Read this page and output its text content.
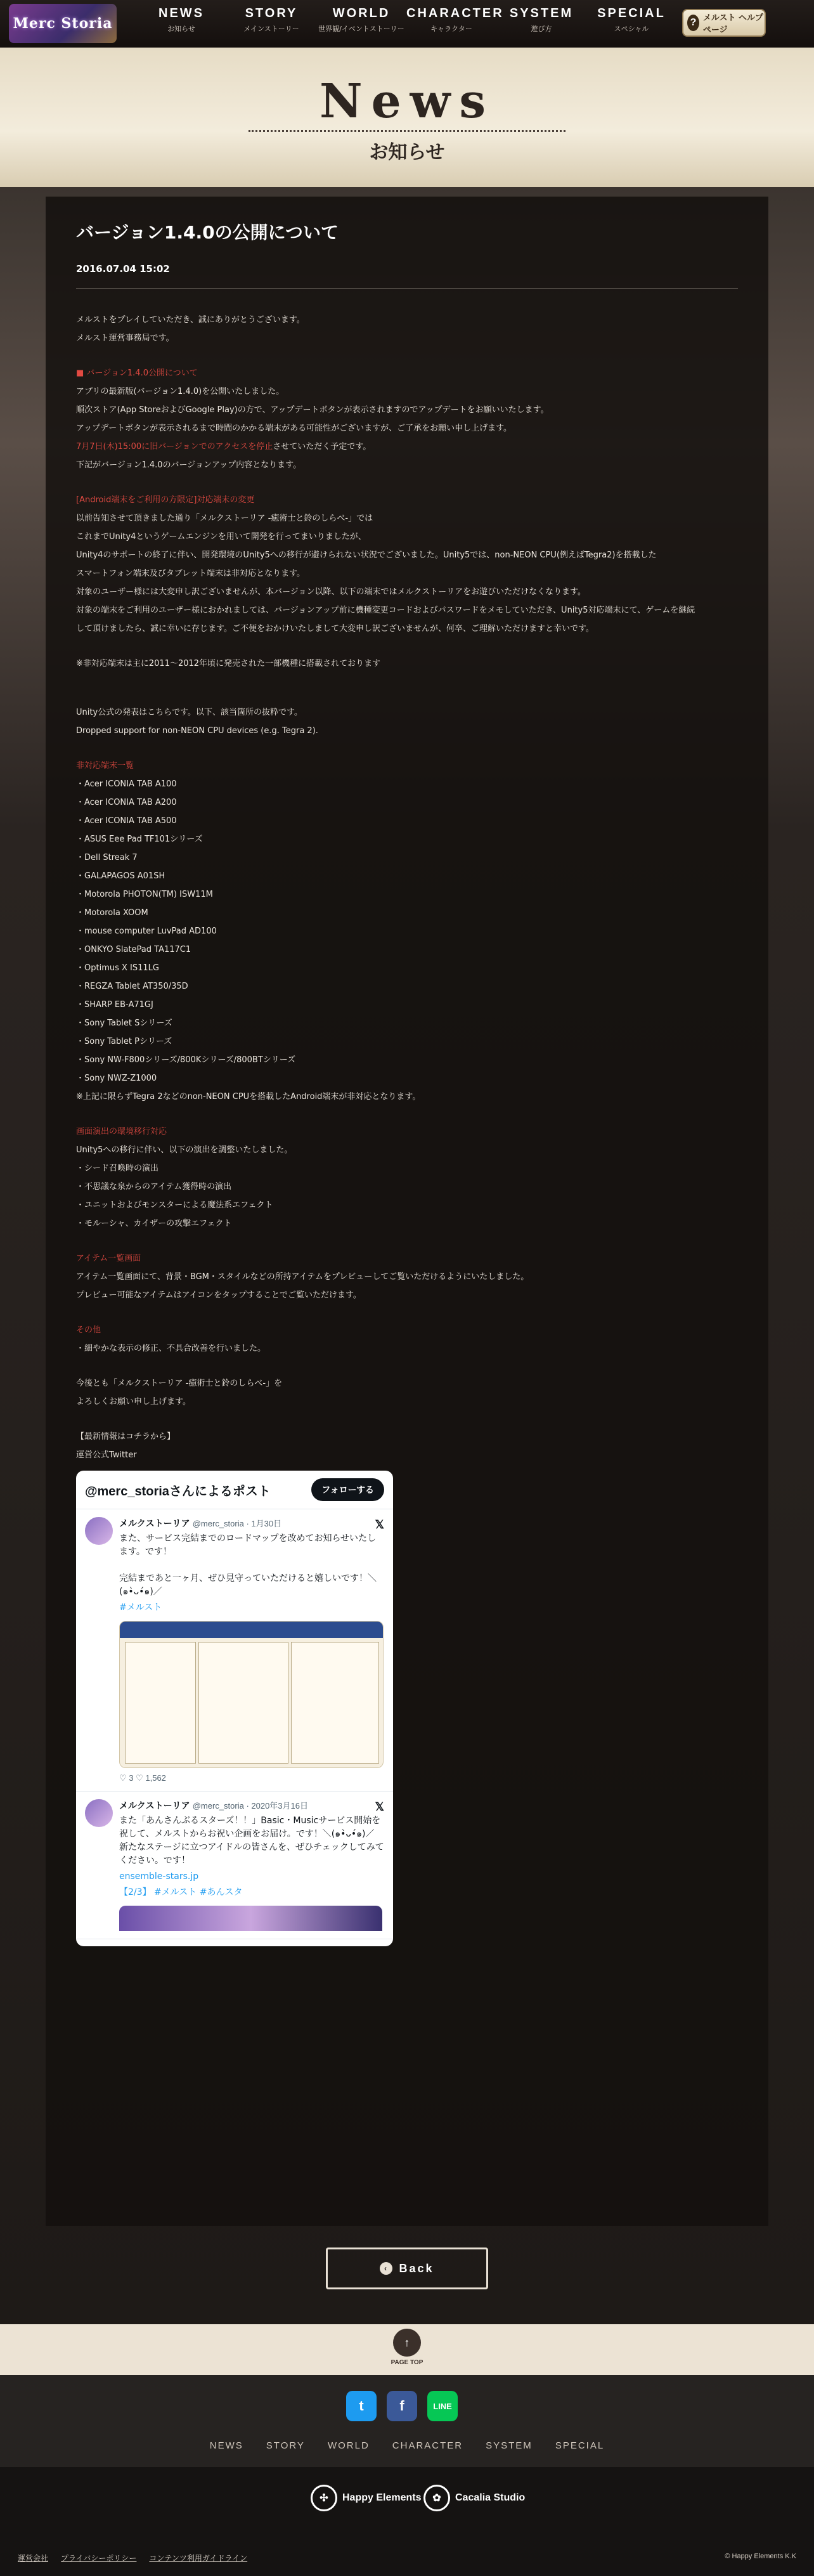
Merc Storia
NEWS
お知らせ
STORY
メインストーリー
WORLD
世界観/イベントストーリー
CHARACTER
キャラクター
SYSTEM
遊び方
SPECIAL
スペシャル
? メルスト ヘルプページ
News
お知らせ
バージョン1.4.0の公開について
2016.07.04 15:02

メルストをプレイしていただき、誠にありがとうございます。

メルスト運営事務局です。

■ バージョン1.4.0公開について

アプリの最新版(バージョン1.4.0)を公開いたしました。

順次ストア(App StoreおよびGoogle Play)の方で、アップデートボタンが表示されますのでアップデートをお願いいたします。

アップデートボタンが表示されるまで時間のかかる端末がある可能性がございますが、ご了承をお願い申し上げます。

7月7日(木)15:00に旧バージョンでのアクセスを停止させていただく予定です。

下記がバージョン1.4.0のバージョンアップ内容となります。

[Android端末をご利用の方限定]対応端末の変更

以前告知させて頂きました通り「メルクストーリア -癒術士と鈴のしらべ-」では

これまでUnity4というゲームエンジンを用いて開発を行ってまいりましたが、

Unity4のサポートの終了に伴い、開発環境のUnity5への移行が避けられない状況でございました。Unity5では、non-NEON CPU(例えばTegra2)を搭載した

スマートフォン端末及びタブレット端末は非対応となります。

対象のユーザー様には大変申し訳ございませんが、本バージョン以降、以下の端末ではメルクストーリアをお遊びいただけなくなります。

対象の端末をご利用のユーザー様におかれましては、バージョンアップ前に機種変更コードおよびパスワードをメモしていただき、Unity5対応端末にて、ゲームを継続

して頂けましたら、誠に幸いに存じます。ご不便をおかけいたしまして大変申し訳ございませんが、何卒、ご理解いただけますと幸いです。

※非対応端末は主に2011〜2012年頃に発売された一部機種に搭載されております

Unity公式の発表はこちらです。以下、該当箇所の抜粋です。

Dropped support for non-NEON CPU devices (e.g. Tegra 2).

非対応端末一覧

・Acer ICONIA TAB A100

・Acer ICONIA TAB A200

・Acer ICONIA TAB A500

・ASUS Eee Pad TF101シリーズ

・Dell Streak 7

・GALAPAGOS A01SH

・Motorola PHOTON(TM) ISW11M

・Motorola XOOM

・mouse computer LuvPad AD100

・ONKYO SlatePad TA117C1

・Optimus X IS11LG

・REGZA Tablet AT350/35D

・SHARP EB-A71GJ

・Sony Tablet Sシリーズ

・Sony Tablet Pシリーズ

・Sony NW-F800シリーズ/800Kシリーズ/800BTシリーズ

・Sony NWZ-Z1000

※上記に限らずTegra 2などのnon-NEON CPUを搭載したAndroid端末が非対応となります。

画面演出の環境移行対応

Unity5への移行に伴い、以下の演出を調整いたしました。

・シード召喚時の演出

・不思議な泉からのアイテム獲得時の演出

・ユニットおよびモンスターによる魔法系エフェクト

・モルーシャ、カイザーの攻撃エフェクト

アイテム一覧画面

アイテム一覧画面にて、背景・BGM・スタイルなどの所持アイテムをプレビューしてご覧いただけるようにいたしました。

プレビュー可能なアイテムはアイコンをタップすることでご覧いただけます。

その他

・細やかな表示の修正、不具合改善を行いました。

今後とも「メルクストーリア -癒術士と鈴のしらべ-」を

よろしくお願い申し上げます。

【最新情報はコチラから】

運営公式Twitter

@merc_storiaさんによるポスト	フォローする
𝕏
メルクストーリア @merc_storia · 1月30日
また、サービス完結までのロードマップを改めてお知らせいたします。です！

完結まであと一ヶ月、ぜひ見守っていただけると嬉しいです！＼(๑•̀ᴗ•́๑)／
#メルスト
♡ 3 ♡ 1,562
𝕏
メルクストーリア @merc_storia · 2020年3月16日
また「あんさんぶるスターズ！！」Basic・Musicサービス開始を祝して、メルストからお祝い企画をお届け。です！＼(๑•̀ᴗ•́๑)／
新たなステージに立つアイドルの皆さんを、ぜひチェックしてみてください。です！
ensemble-stars.jp
【2/3】 #メルスト #あんスタ
‹ Back
↑
PAGE TOP
t	f	LINE
NEWS STORY WORLD CHARACTER SYSTEM SPECIAL
✣	Happy Elements	✿	Cacalia Studio
運営会社 プライバシーポリシー コンテンツ利用ガイドライン	© Happy Elements K.K
